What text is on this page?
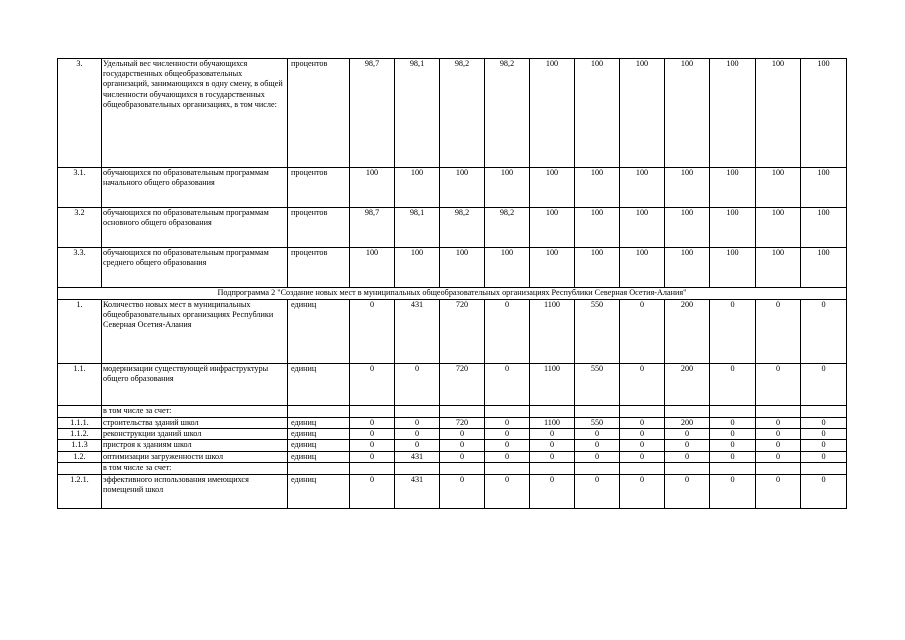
3.	Удельный вес численности обучающихся государственных общеобразовательных организаций, занимающихся в одну смену, в общей численности обучающихся в государственных общеобразовательных организациях, в том числе:	процентов	98,7	98,1	98,2	98,2	100	100	100	100	100	100	100
3.1.	обучающихся по образовательным программам начального общего образования	процентов	100	100	100	100	100	100	100	100	100	100	100
3.2	обучающихся по образовательным программам основного общего образования	процентов	98,7	98,1	98,2	98,2	100	100	100	100	100	100	100
3.3.	обучающихся по образовательным программам среднего общего образования	процентов	100	100	100	100	100	100	100	100	100	100	100
Подпрограмма 2 "Создание новых мест в муниципальных общеобразовательных организациях Республики Северная Осетия-Алания"													
1.	Количество новых мест в муниципальных общеобразовательных организациях Республики Северная Осетия-Алания	единиц	0	431	720	0	1100	550	0	200	0	0	0
1.1.	модернизации существующей инфраструктуры общего образования	единиц	0	0	720	0	1100	550	0	200	0	0	0
	в том числе за счет:												
1.1.1.	строительства зданий школ	единиц	0	0	720	0	1100	550	0	200	0	0	0
1.1.2.	реконструкции зданий школ	единиц	0	0	0	0	0	0	0	0	0	0	0
1.1.3	пристроя к зданиям школ	единиц	0	0	0	0	0	0	0	0	0	0	0
1.2.	оптимизации загруженности школ	единиц	0	431	0	0	0	0	0	0	0	0	0
	в том числе за счет:												
1.2.1.	эффективного использования имеющихся помещений школ	единиц	0	431	0	0	0	0	0	0	0	0	0
